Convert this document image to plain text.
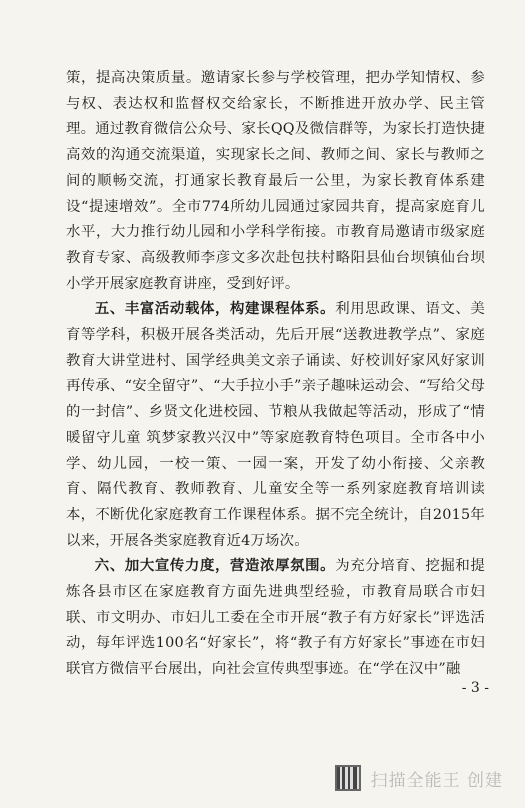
策，提高决策质量。邀请家长参与学校管理，把办学知情权、参与权、表达权和监督权交给家长，不断推进开放办学、民主管理。通过教育微信公众号、家长QQ及微信群等，为家长打造快捷高效的沟通交流渠道，实现家长之间、教师之间、家长与教师之间的顺畅交流，打通家长教育最后一公里，为家长教育体系建设“提速增效”。全市774所幼儿园通过家园共育，提高家庭育儿水平，大力推行幼儿园和小学科学衔接。市教育局邀请市级家庭教育专家、高级教师李彦文多次赴包扶村略阳县仙台坝镇仙台坝小学开展家庭教育讲座，受到好评。

五、丰富活动载体，构建课程体系。利用思政课、语文、美育等学科，积极开展各类活动，先后开展“送教进教学点”、家庭教育大讲堂进村、国学经典美文亲子诵读、好校训好家风好家训再传承、“安全留守”、“大手拉小手”亲子趣味运动会、“写给父母的一封信”、乡贤文化进校园、节粮从我做起等活动，形成了“情暖留守儿童 筑梦家教兴汉中”等家庭教育特色项目。全市各中小学、幼儿园，一校一策、一园一案，开发了幼小衔接、父亲教育、隔代教育、教师教育、儿童安全等一系列家庭教育培训读本，不断优化家庭教育工作课程体系。据不完全统计，自2015年以来，开展各类家庭教育近4万场次。

六、加大宣传力度，营造浓厚氛围。为充分培育、挖掘和提炼各县市区在家庭教育方面先进典型经验，市教育局联合市妇联、市文明办、市妇儿工委在全市开展“教子有方好家长”评选活动，每年评选100名“好家长”，将“教子有方好家长”事迹在市妇联官方微信平台展出，向社会宣传典型事迹。在“学在汉中”融

- 3 -
扫描全能王 创建
